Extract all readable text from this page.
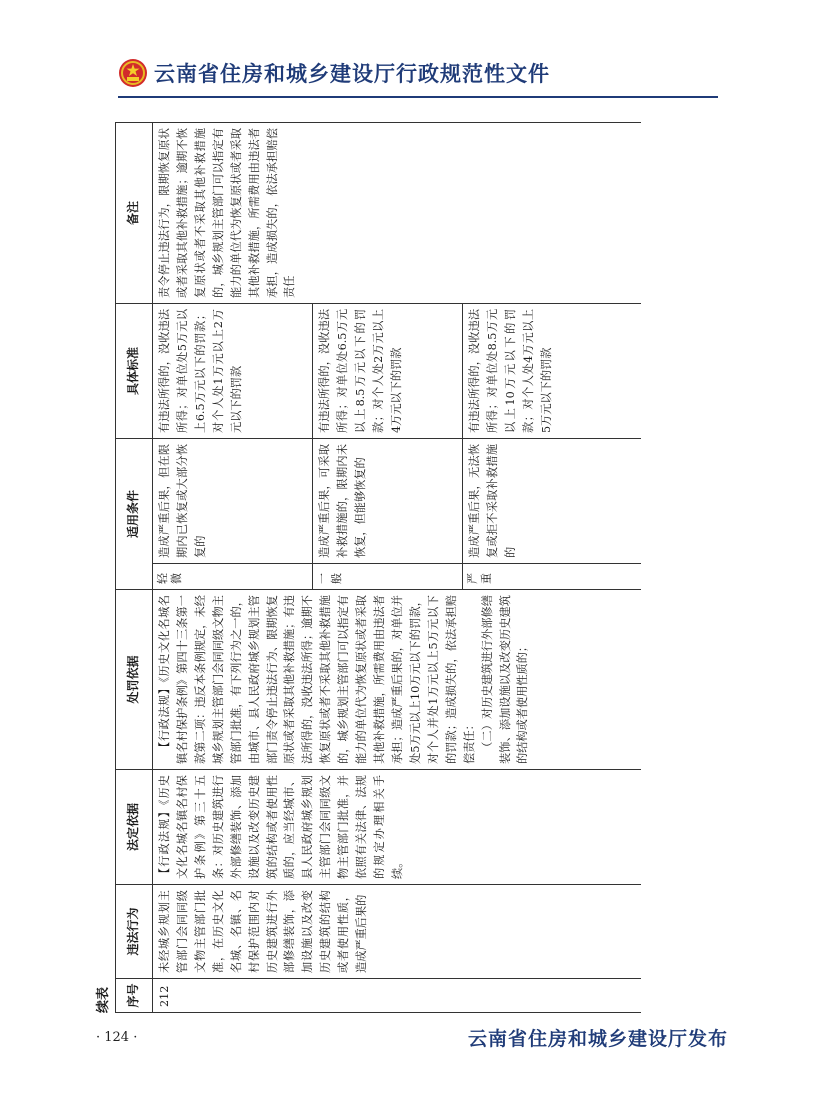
云南省住房和城乡建设厅行政规范性文件
续表	序号	违法行为	法定依据	处罚依据	适用条件		具体标准	备注
212	未经城乡规划主管部门会同同级文物主管部门批准，在历史文化名城、名镇、名村保护范围内对历史建筑进行外部修缮装饰，添加设施以及改变历史建筑的结构或者使用性质，造成严重后果的	【行政法规】《历史文化名城名镇名村保护条例》第三十五条：对历史建筑进行外部修缮装饰、添加设施以及改变历史建筑的结构或者使用性质的，应当经城市、县人民政府城乡规划主管部门会同同级文物主管部门批准，并依照有关法律、法规的规定办理相关手续。	【行政法规】《历史文化名城名镇名村保护条例》第四十三条第一款第二项：违反本条例规定，未经城乡规划主管部门会同同级文物主管部门批准，有下列行为之一的，由城市、县人民政府城乡规划主管部门责令停止违法行为、限期恢复原状或者采取其他补救措施；有违法所得的，没收违法所得；逾期不恢复原状或者不采取其他补救措施的，城乡规划主管部门可以指定有能力的单位代为恢复原状或者采取其他补救措施，所需费用由违法者承担；造成严重后果的，对单位并处5万元以上10万元以下的罚款，对个人并处1万元以上5万元以下的罚款；造成损失的，依法承担赔偿责任： （二）对历史建筑进行外部修缮装饰、添加设施以及改变历史建筑的结构或者使用性质的；	轻微	造成严重后果，但在限期内已恢复或大部分恢复的	有违法所得的，没收违法所得；对单位处5万元以上6.5万元以下的罚款；对个人处1万元以上2万元以下的罚款	责令停止违法行为，限期恢复原状或者采取其他补救措施；逾期不恢复原状或者不采取其他补救措施的，城乡规划主管部门可以指定有能力的单位代为恢复原状或者采取其他补救措施，所需费用由违法者承担，造成损失的，依法承担赔偿责任
				一般	造成严重后果，可采取补救措施的，限期内未恢复，但能够恢复的	有违法所得的，没收违法所得；对单位处6.5万元以上8.5万元以下的罚款；对个人处2万元以上4万元以下的罚款	
				严重	造成严重后果，无法恢复或拒不采取补救措施的	有违法所得的，没收违法所得；对单位处8.5万元以上10万元以下的罚款；对个人处4万元以上5万元以下的罚款	
· 124 ·	云南省住房和城乡建设厅发布
